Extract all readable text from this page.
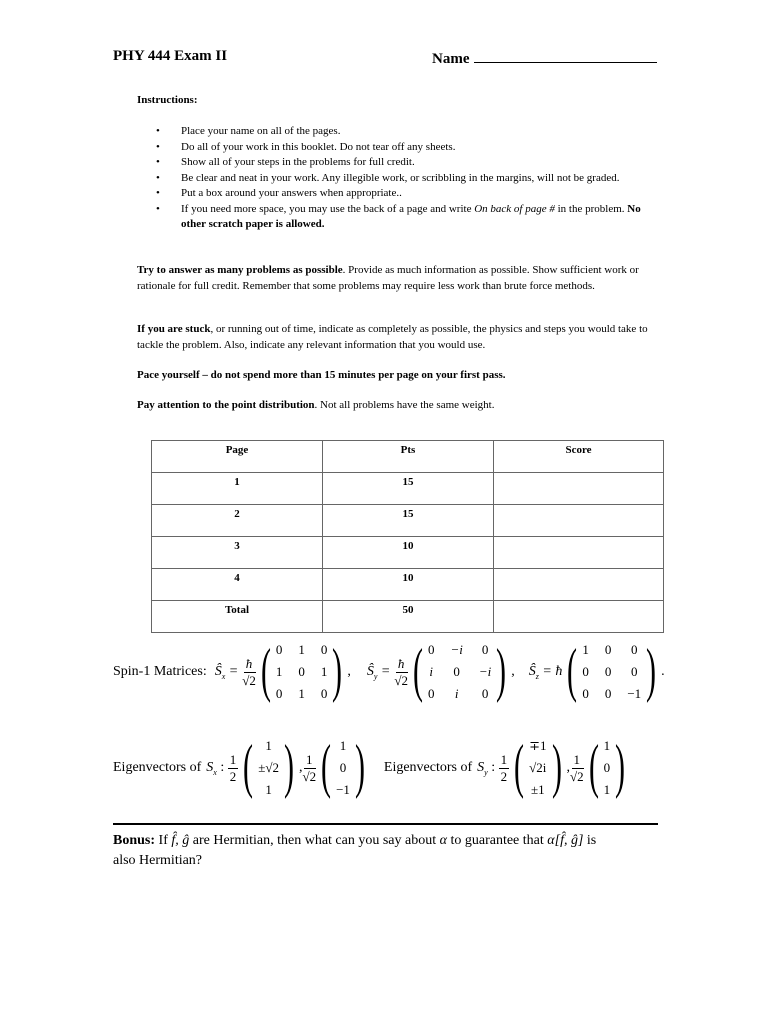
PHY 444 Exam II	Name
Instructions:
• Place your name on all of the pages.
• Do all of your work in this booklet. Do not tear off any sheets.
• Show all of your steps in the problems for full credit.
• Be clear and neat in your work. Any illegible work, or scribbling in the margins, will not be graded.
• Put a box around your answers when appropriate..
• If you need more space, you may use the back of a page and write On back of page # in the problem. No other scratch paper is allowed.
Try to answer as many problems as possible. Provide as much information as possible. Show sufficient work or rationale for full credit. Remember that some problems may require less work than brute force methods.
If you are stuck, or running out of time, indicate as completely as possible, the physics and steps you would take to tackle the problem. Also, indicate any relevant information that you would use.
Pace yourself – do not spend more than 15 minutes per page on your first pass.
Pay attention to the point distribution. Not all problems have the same weight.
Page	Pts	Score
1	15	
2	15	
3	10	
4	10	
Total	50	
Spin-1 Matrices: $Ŝ_x = \frac{ħ}{√2}$ ( 0 1 0
1 0 1
0 1 0 ) , $Ŝ_y = \frac{ħ}{√2}$ ( 0 −i 0
i 0 −i
0	i	0 ) , $Ŝ_z$ = ħ ( 1 0 0
0 0 0
0 0 −1 ) .
Eigenvectors of $S_x$ : $\frac{1}{2}$ ( 1
±√2
1 ) , $\frac{1}{√2}$ ( 1
0
−1 ) Eigenvectors of $S_y$ : $\frac{1}{2}$ ( ∓1
√2i
±1 ) , $\frac{1}{√2}$ ( 1
0
1 )
Bonus: If f̂, ĝ are Hermitian, then what can you say about α to guarantee that α[f̂, ĝ] is
also Hermitian?
